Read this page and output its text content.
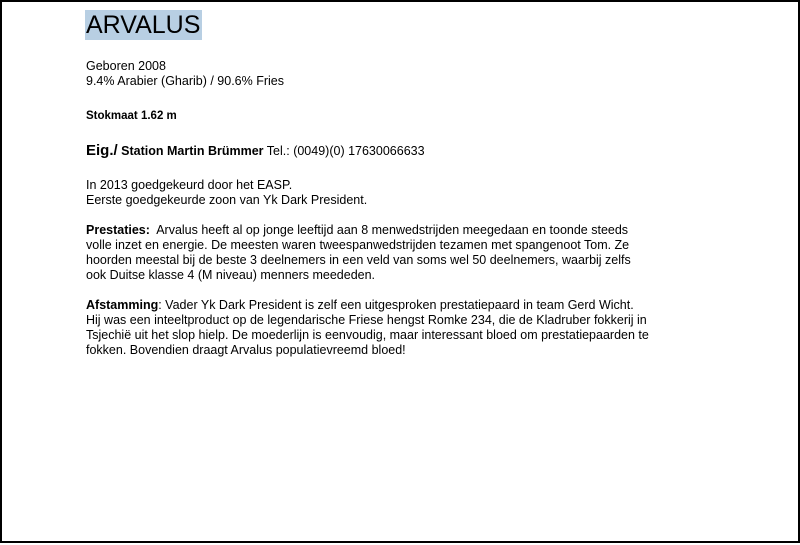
ARVALUS
Geboren 2008
9.4% Arabier (Gharib) / 90.6% Fries
Stokmaat 1.62 m
Eig./ Station Martin Brümmer Tel.: (0049)(0) 17630066633
In 2013 goedgekeurd door het EASP.
Eerste goedgekeurde zoon van Yk Dark President.
Prestaties: Arvalus heeft al op jonge leeftijd aan 8 menwedstrijden meegedaan en toonde steeds
volle inzet en energie. De meesten waren tweespanwedstrijden tezamen met spangenoot Tom. Ze
hoorden meestal bij de beste 3 deelnemers in een veld van soms wel 50 deelnemers, waarbij zelfs
ook Duitse klasse 4 (M niveau) menners meededen.
Afstamming: Vader Yk Dark President is zelf een uitgesproken prestatiepaard in team Gerd Wicht.
Hij was een inteeltproduct op de legendarische Friese hengst Romke 234, die de Kladruber fokkerij in
Tsjechië uit het slop hielp. De moederlijn is eenvoudig, maar interessant bloed om prestatiepaarden te
fokken. Bovendien draagt Arvalus populatievreemd bloed!
